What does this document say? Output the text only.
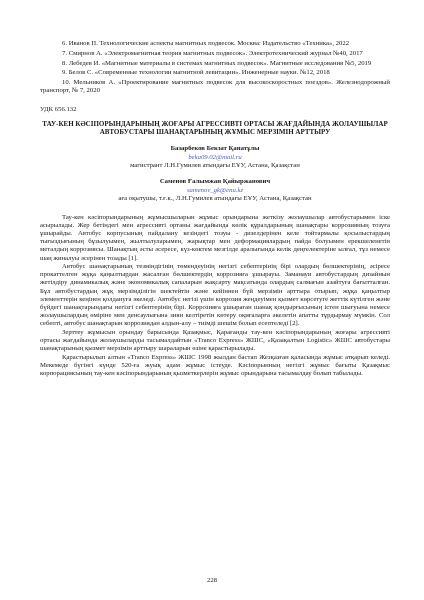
6. Иванов П. Технологические аспекты магнитных подвесок. Москва: Издательство «Техника», 2022

7. Смирнов А. «Электромагнитная теория магнитных подвесок». Электротехнический журнал №40, 2017

8. Лебедев И. «Магнитные материалы в системах магнитных подвесок». Магнитные исследования №5, 2019

9. Белов С. «Современные технологии магнитной левитации». Инженерные науки. №12, 2018

10. Мельников А. «Проектирование магнитных подвесок для высокоскоростных поездов». Железнодорожный транспорт, № 7, 2020

УДК 656.132
ТАУ-КЕН КӘСІПОРЫНДАРЫНЫҢ ЖОҒАРЫ АГРЕССИВТІ ОРТАСЫ ЖАҒДАЙЫНДА ЖОЛАУШЫЛАР АВТОБУСТАРЫ ШАНАҚТАРЫНЫҢ ЖҰМЫС МЕРЗІМІН АРТТЫРУ
Базарбеков Бекзат Қанатұлы
beka09.02@mail.ru
магистрант Л.Н.Гумилев атындағы ЕҰУ, Астана, Қазақстан
Саменов Ғалымжан Қайыржанович
samenov_gk@enu.kz
аға оқытушы, т.ғ.к., Л.Н.Гумилев атындағы ЕҰУ, Астана, Қазақстан

Тау-кен кәсіпорындарының жұмысшыларын жұмыс орындарына жеткізу жолаушылар автобустарымен іске асырылады. Жер бетіндегі мен агрессивті ортаны жағдайында көлік құралдарының шанақтары коррозияның тозуға ұшырайды. Автобус корпусының пайдалану кезіндегі тозуы - дизелдерінен келе тойтармалы қосылыстардың тығыздығының бұзылуымен, жылтылуларымен, жарықтар мен деформациялардың пайда болуымен ерекшеленетін металдың коррозиясы. Шанақтың әсты әсересе, күз-көктем мезгілде аралығында келік деңгелектеріне ылғал, тұз немесе шаң жиналуы әсерінен тозады [1].

Автобус шанақтарының тезміндігінің төмендеуінің негізгі себептерінің бірі олардың бөлшектерінің, әсіресе прокаттелген жұқа қаңылтырдан жасалған бөлшектердің коррозияға ұшырауы. Заманауи автобустардың дизайнын жетілдіру динамикалық және экономикалық сапаларын жақсарту мақсатында олардың салмағын азайтуға бағытталған. Бұл автобустардың жұқ мерзімділігін шектейтін және кейіннен бүй мерзімін арттыра отырып, жұқа қаңылтыр элементтерін кеңінен қолдануға әкеледі. Автобус негізі үшін коррозия жеңдеуімен қызмет көрсетуге жеттік күтілген және бүйдегі шанақтарындағы негізгі себептерінің бірі. Коррозияға ұшыраған шанақ қондырғысының істен шығуына немесе жолаушылардың өміріне мен денсаулығына зиян келтіретін көтеру оқиғаларға әкелетін апатты тұрдырмау мүмкін. Сол себепті, автобус шанақтарын коррозиядан алдын-алу – тиімді шешім болып есептеледі [2].

Зерттеу жұмысын орындау барысында Қазақмыс, Қарағанды тау-кен кәсіпорындарының жоғары агрессивті ортасы жағдайында жолаушыларды тасымалдайтын «Tranco Express» ЖШС, «Қазақалтын Logistic» ЖШС автобустары шанақтарының қызмет мерзімін арттыру шараларын өзіне қарастырылады.

Қарастырылып алтын «Tranco Express» ЖШС 1998 жылдан бастап Жезқазған қаласында жұмыс атқарып келеді. Мекемеде бүгінгі күнде 520-ға жуық адам жұмыс істеуде. Кәсіпорынның негізгі жұмыс бағыты Қазақмыс корпорациясының тау-кен кәсіпорындарының қызметкерлерін жұмыс орындарына тасымалдау болып табылады.

228
